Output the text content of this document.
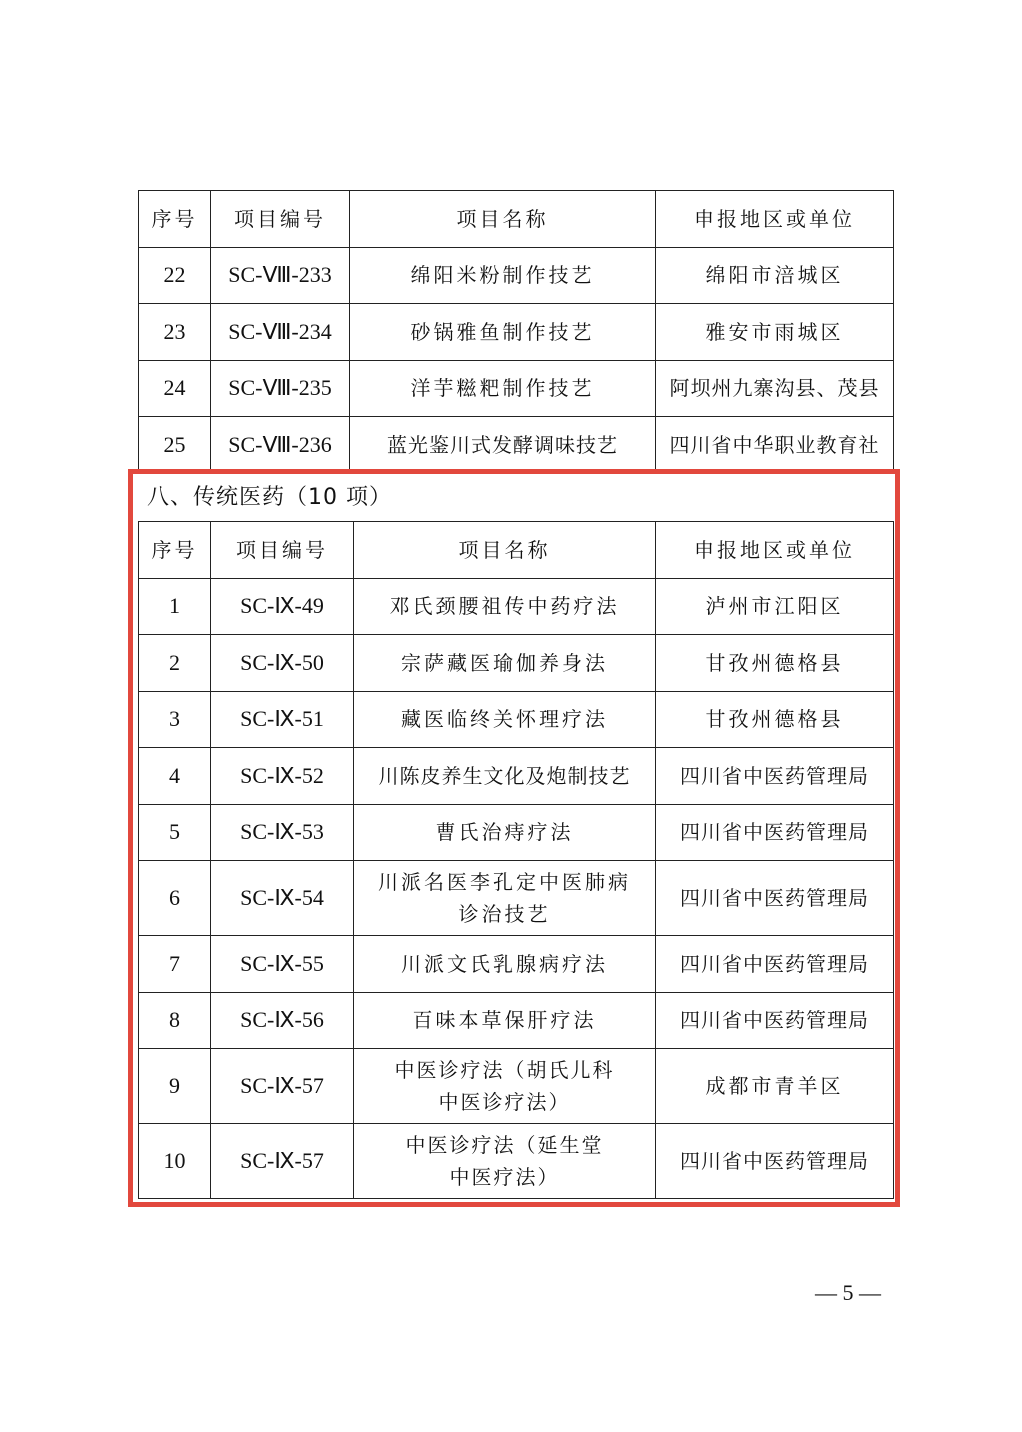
序号	项目编号	项目名称	申报地区或单位
22	SC-Ⅷ-233	绵阳米粉制作技艺	绵阳市涪城区
23	SC-Ⅷ-234	砂锅雅鱼制作技艺	雅安市雨城区
24	SC-Ⅷ-235	洋芋糍粑制作技艺	阿坝州九寨沟县、茂县
25	SC-Ⅷ-236	蓝光鉴川式发酵调味技艺	四川省中华职业教育社
八、传统医药（10 项）
序号	项目编号	项目名称	申报地区或单位
1	SC-Ⅸ-49	邓氏颈腰祖传中药疗法	泸州市江阳区
2	SC-Ⅸ-50	宗萨藏医瑜伽养身法	甘孜州德格县
3	SC-Ⅸ-51	藏医临终关怀理疗法	甘孜州德格县
4	SC-Ⅸ-52	川陈皮养生文化及炮制技艺	四川省中医药管理局
5	SC-Ⅸ-53	曹氏治痔疗法	四川省中医药管理局
6	SC-Ⅸ-54	川派名医李孔定中医肺病诊治技艺	四川省中医药管理局
7	SC-Ⅸ-55	川派文氏乳腺病疗法	四川省中医药管理局
8	SC-Ⅸ-56	百味本草保肝疗法	四川省中医药管理局
9	SC-Ⅸ-57	中医诊疗法（胡氏儿科中医诊疗法）	成都市青羊区
10	SC-Ⅸ-57	中医诊疗法（延生堂中医疗法）	四川省中医药管理局
— 5 —
